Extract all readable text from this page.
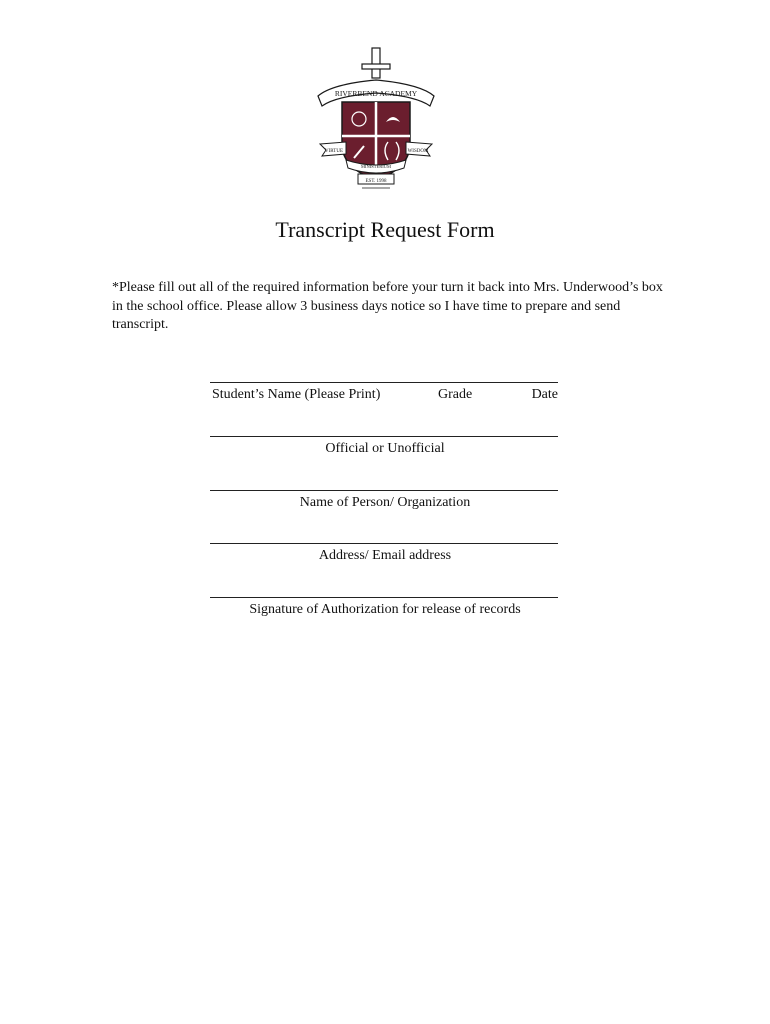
RIVERBEND ACADEMY
VIRTUE	WISDOM
MINISTERIUM
EST. 1998
Transcript Request Form
*Please fill out all of the required information before your turn it back into Mrs. Underwood’s box in the school office. Please allow 3 business days notice so I have time to prepare and send transcript.
Student’s Name (Please Print)	Grade	Date
Official or Unofficial
Name of Person/ Organization
Address/ Email address
Signature of Authorization for release of records
